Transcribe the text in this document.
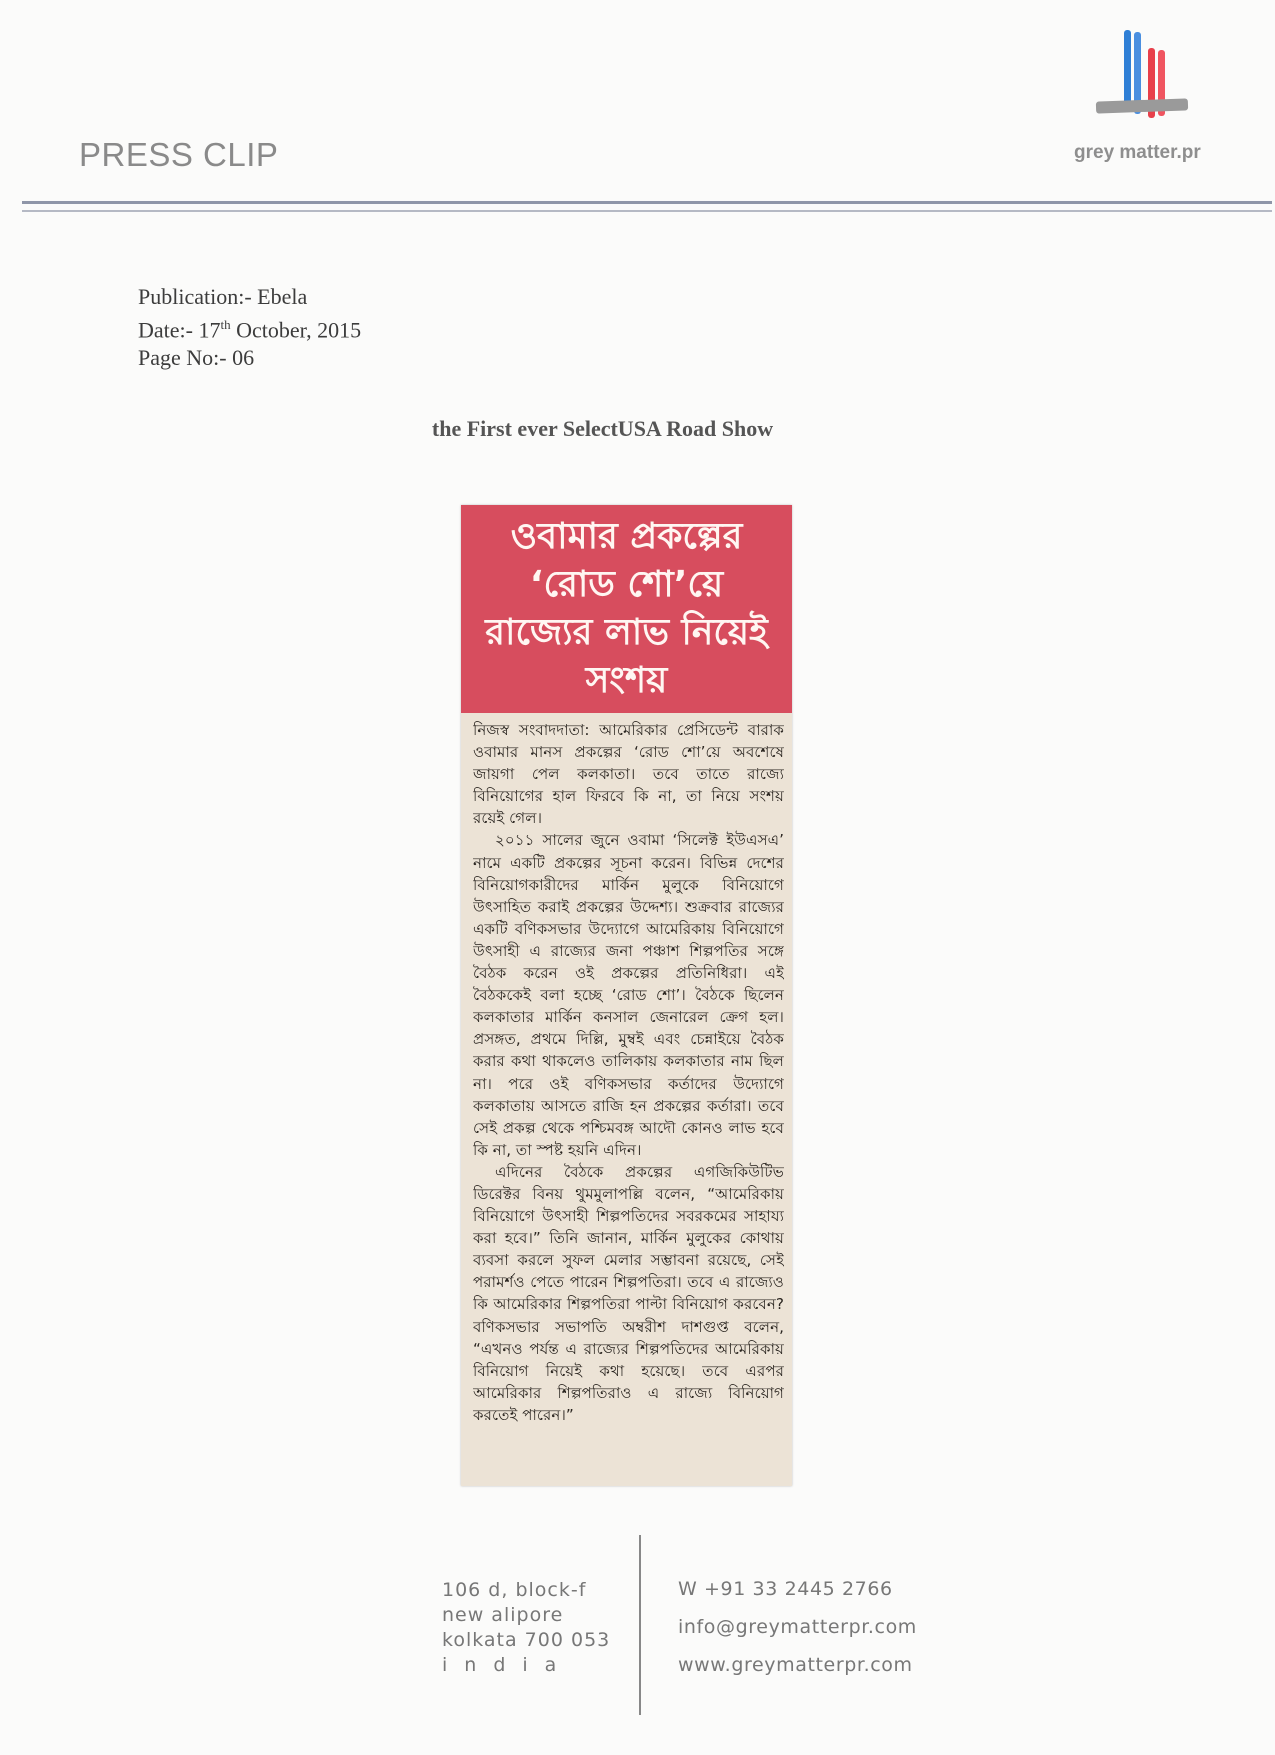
PRESS CLIP	grey matter.pr
Publication:- Ebela
Date:- 17th October, 2015
Page No:- 06
the First ever SelectUSA Road Show
ওবামার প্রকল্পের ‘রোড শো’য়ে রাজ্যের লাভ নিয়েই সংশয়

নিজস্ব সংবাদদাতা: আমেরিকার প্রেসিডেন্ট বারাক ওবামার মানস প্রকল্পের ‘রোড শো’য়ে অবশেষে জায়গা পেল কলকাতা। তবে তাতে রাজ্যে বিনিয়োগের হাল ফিরবে কি না, তা নিয়ে সংশয় রয়েই গেল।

২০১১ সালের জুনে ওবামা ‘সিলেক্ট ইউএসএ’ নামে একটি প্রকল্পের সূচনা করেন। বিভিন্ন দেশের বিনিয়োগকারীদের মার্কিন মুলুকে বিনিয়োগে উৎসাহিত করাই প্রকল্পের উদ্দেশ্য। শুক্রবার রাজ্যের একটি বণিকসভার উদ্যোগে আমেরিকায় বিনিয়োগে উৎসাহী এ রাজ্যের জনা পঞ্চাশ শিল্পপতির সঙ্গে বৈঠক করেন ওই প্রকল্পের প্রতিনিধিরা। এই বৈঠককেই বলা হচ্ছে ‘রোড শো’। বৈঠকে ছিলেন কলকাতার মার্কিন কনসাল জেনারেল ক্রেগ হল। প্রসঙ্গত, প্রথমে দিল্লি, মুম্বই এবং চেন্নাইয়ে বৈঠক করার কথা থাকলেও তালিকায় কলকাতার নাম ছিল না। পরে ওই বণিকসভার কর্তাদের উদ্যোগে কলকাতায় আসতে রাজি হন প্রকল্পের কর্তারা। তবে সেই প্রকল্প থেকে পশ্চিমবঙ্গ আদৌ কোনও লাভ হবে কি না, তা স্পষ্ট হয়নি এদিন।

এদিনের বৈঠকে প্রকল্পের এগজিকিউটিভ ডিরেক্টর বিনয় থুমমুলাপল্লি বলেন, “আমেরিকায় বিনিয়োগে উৎসাহী শিল্পপতিদের সবরকমের সাহায্য করা হবে।” তিনি জানান, মার্কিন মুলুকের কোথায় ব্যবসা করলে সুফল মেলার সম্ভাবনা রয়েছে, সেই পরামর্শও পেতে পারেন শিল্পপতিরা। তবে এ রাজ্যেও কি আমেরিকার শিল্পপতিরা পাল্টা বিনিয়োগ করবেন? বণিকসভার সভাপতি অম্বরীশ দাশগুপ্ত বলেন, “এখনও পর্যন্ত এ রাজ্যের শিল্পপতিদের আমেরিকায় বিনিয়োগ নিয়েই কথা হয়েছে। তবে এরপর আমেরিকার শিল্পপতিরাও এ রাজ্যে বিনিয়োগ করতেই পারেন।”

106 d, block-f
new alipore
kolkata 700 053
india
W +91 33 2445 2766
info@greymatterpr.com
www.greymatterpr.com
